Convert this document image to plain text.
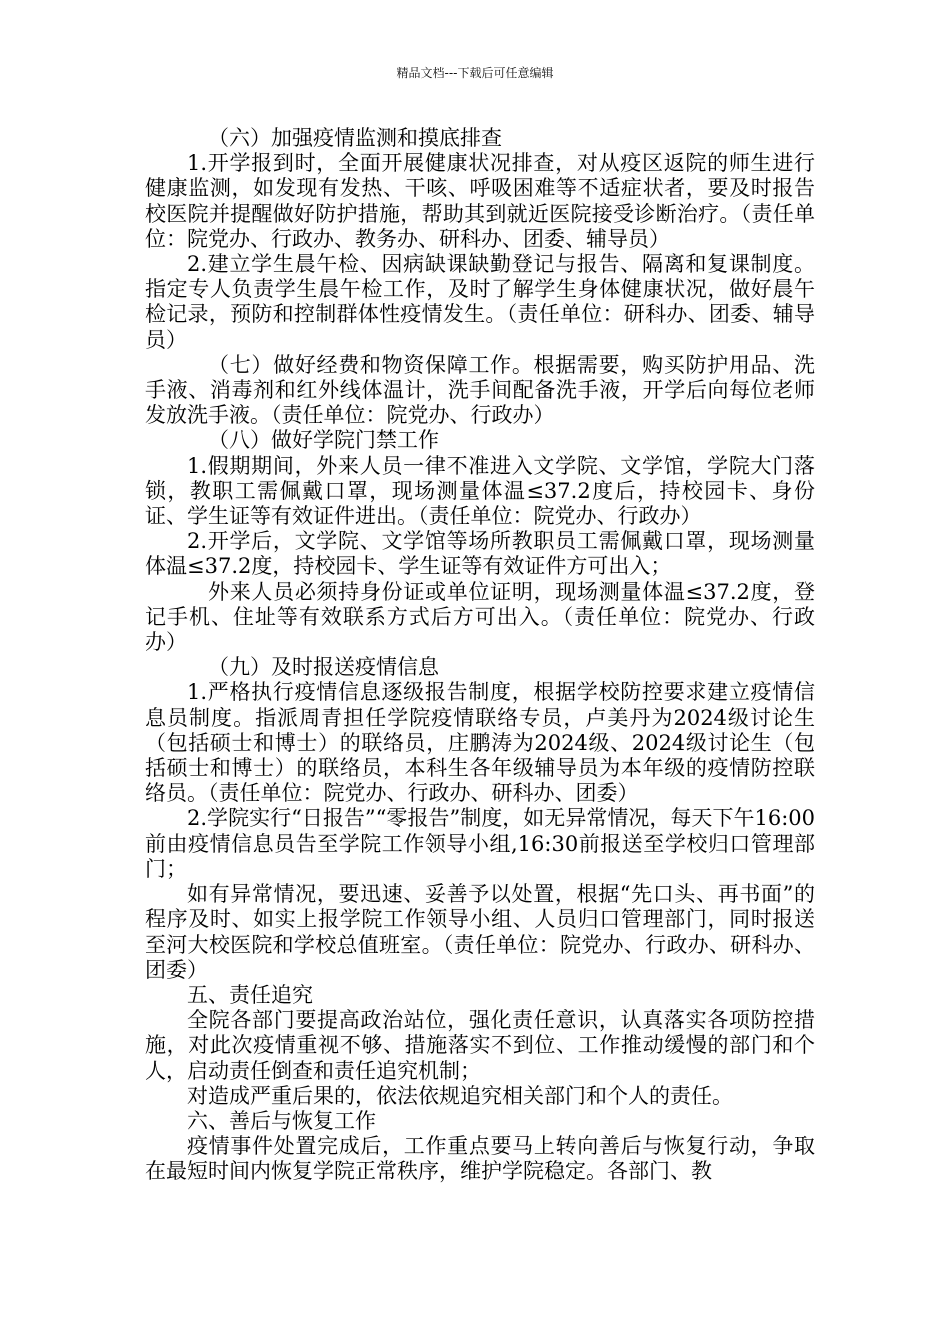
精品文档---下载后可任意编辑

（六）加强疫情监测和摸底排查

1.开学报到时，全面开展健康状况排查，对从疫区返院的师生进行健康监测，如发现有发热、干咳、呼吸困难等不适症状者，要及时报告校医院并提醒做好防护措施，帮助其到就近医院接受诊断治疗。（责任单位：院党办、行政办、教务办、研科办、团委、辅导员）

2.建立学生晨午检、因病缺课缺勤登记与报告、隔离和复课制度。指定专人负责学生晨午检工作，及时了解学生身体健康状况，做好晨午检记录，预防和控制群体性疫情发生。（责任单位：研科办、团委、辅导员）

（七）做好经费和物资保障工作。根据需要，购买防护用品、洗手液、消毒剂和红外线体温计，洗手间配备洗手液，开学后向每位老师发放洗手液。（责任单位：院党办、行政办）

（八）做好学院门禁工作

1.假期期间，外来人员一律不准进入文学院、文学馆，学院大门落锁，教职工需佩戴口罩，现场测量体温≤37.2度后，持校园卡、身份证、学生证等有效证件进出。（责任单位：院党办、行政办）

2.开学后，文学院、文学馆等场所教职员工需佩戴口罩，现场测量体温≤37.2度，持校园卡、学生证等有效证件方可出入；

外来人员必须持身份证或单位证明，现场测量体温≤37.2度，登记手机、住址等有效联系方式后方可出入。（责任单位：院党办、行政办）

（九）及时报送疫情信息

1.严格执行疫情信息逐级报告制度，根据学校防控要求建立疫情信息员制度。指派周青担任学院疫情联络专员，卢美丹为2024级讨论生（包括硕士和博士）的联络员，庄鹏涛为2024级、2024级讨论生（包括硕士和博士）的联络员，本科生各年级辅导员为本年级的疫情防控联络员。（责任单位：院党办、行政办、研科办、团委）

2.学院实行“日报告”“零报告”制度，如无异常情况，每天下午16:00前由疫情信息员告至学院工作领导小组,16:30前报送至学校归口管理部门；

如有异常情况，要迅速、妥善予以处置，根据“先口头、再书面”的程序及时、如实上报学院工作领导小组、人员归口管理部门，同时报送至河大校医院和学校总值班室。（责任单位：院党办、行政办、研科办、团委）

五、责任追究

全院各部门要提高政治站位，强化责任意识，认真落实各项防控措施，对此次疫情重视不够、措施落实不到位、工作推动缓慢的部门和个人，启动责任倒查和责任追究机制；

对造成严重后果的，依法依规追究相关部门和个人的责任。

六、善后与恢复工作

疫情事件处置完成后，工作重点要马上转向善后与恢复行动，争取在最短时间内恢复学院正常秩序，维护学院稳定。各部门、教
